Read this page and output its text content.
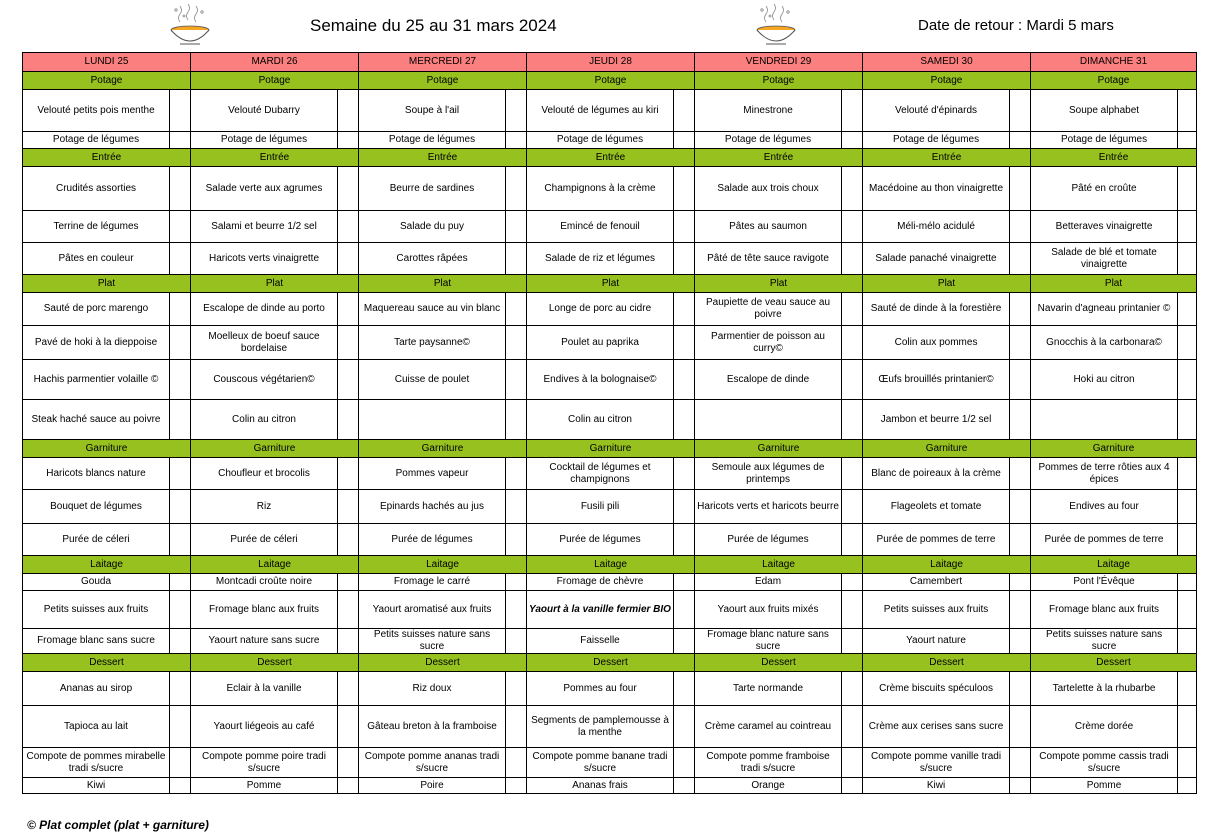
Semaine du 25 au 31 mars 2024	Date de retour : Mardi 5 mars
LUNDI 25		MARDI 26		MERCREDI 27		JEUDI 28		VENDREDI 29		SAMEDI 30		DIMANCHE 31	
Potage		Potage		Potage		Potage		Potage		Potage		Potage	
Velouté petits pois menthe		Velouté Dubarry		Soupe à l'ail		Velouté de légumes au kiri		Minestrone		Velouté d'épinards		Soupe alphabet	
Potage de légumes		Potage de légumes		Potage de légumes		Potage de légumes		Potage de légumes		Potage de légumes		Potage de légumes	
Entrée		Entrée		Entrée		Entrée		Entrée		Entrée		Entrée	
Crudités assorties		Salade verte aux agrumes		Beurre de sardines		Champignons à la crème		Salade aux trois choux		Macédoine au thon vinaigrette		Pâté en croûte	
Terrine de légumes		Salami et beurre 1/2 sel		Salade du puy		Emincé de fenouil		Pâtes au saumon		Méli-mélo acidulé		Betteraves vinaigrette	
Pâtes en couleur		Haricots verts vinaigrette		Carottes râpées		Salade de riz et légumes		Pâté de tête sauce ravigote		Salade panaché vinaigrette		Salade de blé et tomate vinaigrette	
Plat		Plat		Plat		Plat		Plat		Plat		Plat	
Sauté de porc marengo		Escalope de dinde au porto		Maquereau sauce au vin blanc		Longe de porc au cidre		Paupiette de veau sauce au poivre		Sauté de dinde à la forestière		Navarin d'agneau printanier ©	
Pavé de hoki à la dieppoise		Moelleux de boeuf sauce bordelaise		Tarte paysanne©		Poulet au paprika		Parmentier de poisson au curry©		Colin aux pommes		Gnocchis à la carbonara©	
Hachis parmentier volaille ©		Couscous végétarien©		Cuisse de poulet		Endives à la bolognaise©		Escalope de dinde		Œufs brouillés printanier©		Hoki au citron	
Steak haché sauce au poivre		Colin au citron				Colin au citron				Jambon et beurre 1/2 sel			
Garniture		Garniture		Garniture		Garniture		Garniture		Garniture		Garniture	
Haricots blancs nature		Choufleur et brocolis		Pommes vapeur		Cocktail de légumes et champignons		Semoule aux légumes de printemps		Blanc de poireaux à la crème		Pommes de terre rôties aux 4 épices	
Bouquet de légumes		Riz		Epinards hachés au jus		Fusili pili		Haricots verts et haricots beurre		Flageolets et tomate		Endives au four	
Purée de céleri		Purée de céleri		Purée de légumes		Purée de légumes		Purée de légumes		Purée de pommes de terre		Purée de pommes de terre	
Laitage		Laitage		Laitage		Laitage		Laitage		Laitage		Laitage	
Gouda		Montcadi croûte noire		Fromage le carré		Fromage de chèvre		Edam		Camembert		Pont l'Évêque	
Petits suisses aux fruits		Fromage blanc aux fruits		Yaourt aromatisé aux fruits		Yaourt à la vanille fermier BIO		Yaourt aux fruits mixés		Petits suisses aux fruits		Fromage blanc aux fruits	
Fromage blanc sans sucre		Yaourt nature sans sucre		Petits suisses nature sans sucre		Faisselle		Fromage blanc nature sans sucre		Yaourt nature		Petits suisses nature sans sucre	
Dessert		Dessert		Dessert		Dessert		Dessert		Dessert		Dessert	
Ananas au sirop		Eclair à la vanille		Riz doux		Pommes au four		Tarte normande		Crème biscuits spéculoos		Tartelette à la rhubarbe	
Tapioca au lait		Yaourt liégeois au café		Gâteau breton à la framboise		Segments de pamplemousse à la menthe		Crème caramel au cointreau		Crème aux cerises sans sucre		Crème dorée	
Compote de pommes mirabelle tradi s/sucre		Compote pomme poire tradi s/sucre		Compote pomme ananas tradi s/sucre		Compote pomme banane tradi s/sucre		Compote pomme framboise tradi s/sucre		Compote pomme vanille tradi s/sucre		Compote pomme cassis tradi s/sucre	
Kiwi		Pomme		Poire		Ananas frais		Orange		Kiwi		Pomme	
© Plat complet (plat + garniture)
